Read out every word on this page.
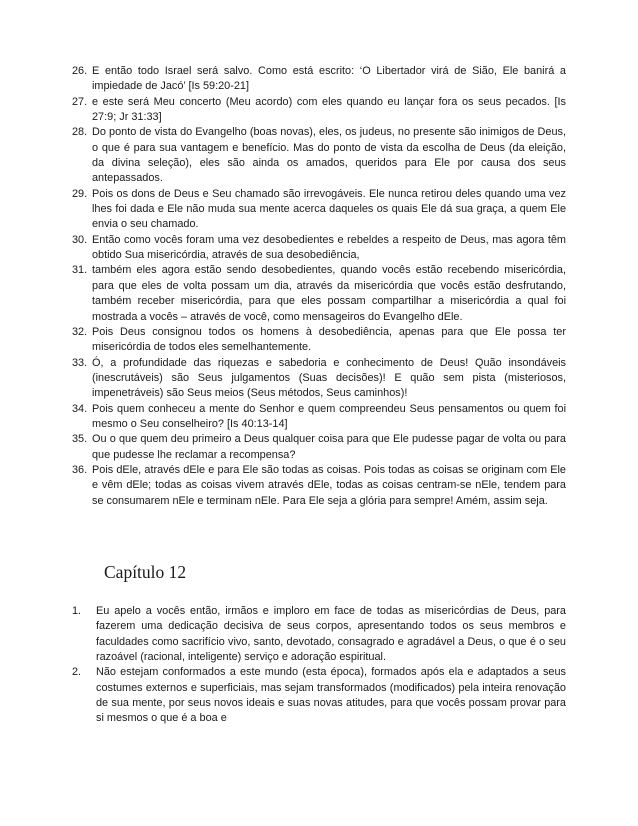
26. E então todo Israel será salvo. Como está escrito: ‘O Libertador virá de Sião, Ele banirá a impiedade de Jacó’ [Is 59:20-21]
27. e este será Meu concerto (Meu acordo) com eles quando eu lançar fora os seus pecados. [Is 27:9; Jr 31:33]
28. Do ponto de vista do Evangelho (boas novas), eles, os judeus, no presente são inimigos de Deus, o que é para sua vantagem e benefício. Mas do ponto de vista da escolha de Deus (da eleição, da divina seleção), eles são ainda os amados, queridos para Ele por causa dos seus antepassados.
29. Pois os dons de Deus e Seu chamado são irrevogáveis. Ele nunca retirou deles quando uma vez lhes foi dada e Ele não muda sua mente acerca daqueles os quais Ele dá sua graça, a quem Ele envia o seu chamado.
30. Então como vocês foram uma vez desobedientes e rebeldes a respeito de Deus, mas agora têm obtido Sua misericórdia, através de sua desobediência,
31. também eles agora estão sendo desobedientes, quando vocês estão recebendo misericórdia, para que eles de volta possam um dia, através da misericórdia que vocês estão desfrutando, também receber misericórdia, para que eles possam compartilhar a misericórdia a qual foi mostrada a vocês – através de você, como mensageiros do Evangelho dEle.
32. Pois Deus consignou todos os homens à desobediência, apenas para que Ele possa ter misericórdia de todos eles semelhantemente.
33. Ó, a profundidade das riquezas e sabedoria e conhecimento de Deus! Quão insondáveis (inescrutáveis) são Seus julgamentos (Suas decisões)! E quão sem pista (misteriosos, impenetráveis) são Seus meios (Seus métodos, Seus caminhos)!
34. Pois quem conheceu a mente do Senhor e quem compreendeu Seus pensamentos ou quem foi mesmo o Seu conselheiro? [Is 40:13-14]
35. Ou o que quem deu primeiro a Deus qualquer coisa para que Ele pudesse pagar de volta ou para que pudesse lhe reclamar a recompensa?
36. Pois dEle, através dEle e para Ele são todas as coisas. Pois todas as coisas se originam com Ele e vêm dEle; todas as coisas vivem através dEle, todas as coisas centram-se nEle, tendem para se consumarem nEle e terminam nEle. Para Ele seja a glória para sempre! Amém, assim seja.
Capítulo 12
1.	Eu apelo a vocês então, irmãos e imploro em face de todas as misericórdias de Deus, para fazerem uma dedicação decisiva de seus corpos, apresentando todos os seus membros e faculdades como sacrifício vivo, santo, devotado, consagrado e agradável a Deus, o que é o seu razoável (racional, inteligente) serviço e adoração espiritual.
2.	Não estejam conformados a este mundo (esta época), formados após ela e adaptados a seus costumes externos e superficiais, mas sejam transformados (modificados) pela inteira renovação de sua mente, por seus novos ideais e suas novas atitudes, para que vocês possam provar para si mesmos o que é a boa e
